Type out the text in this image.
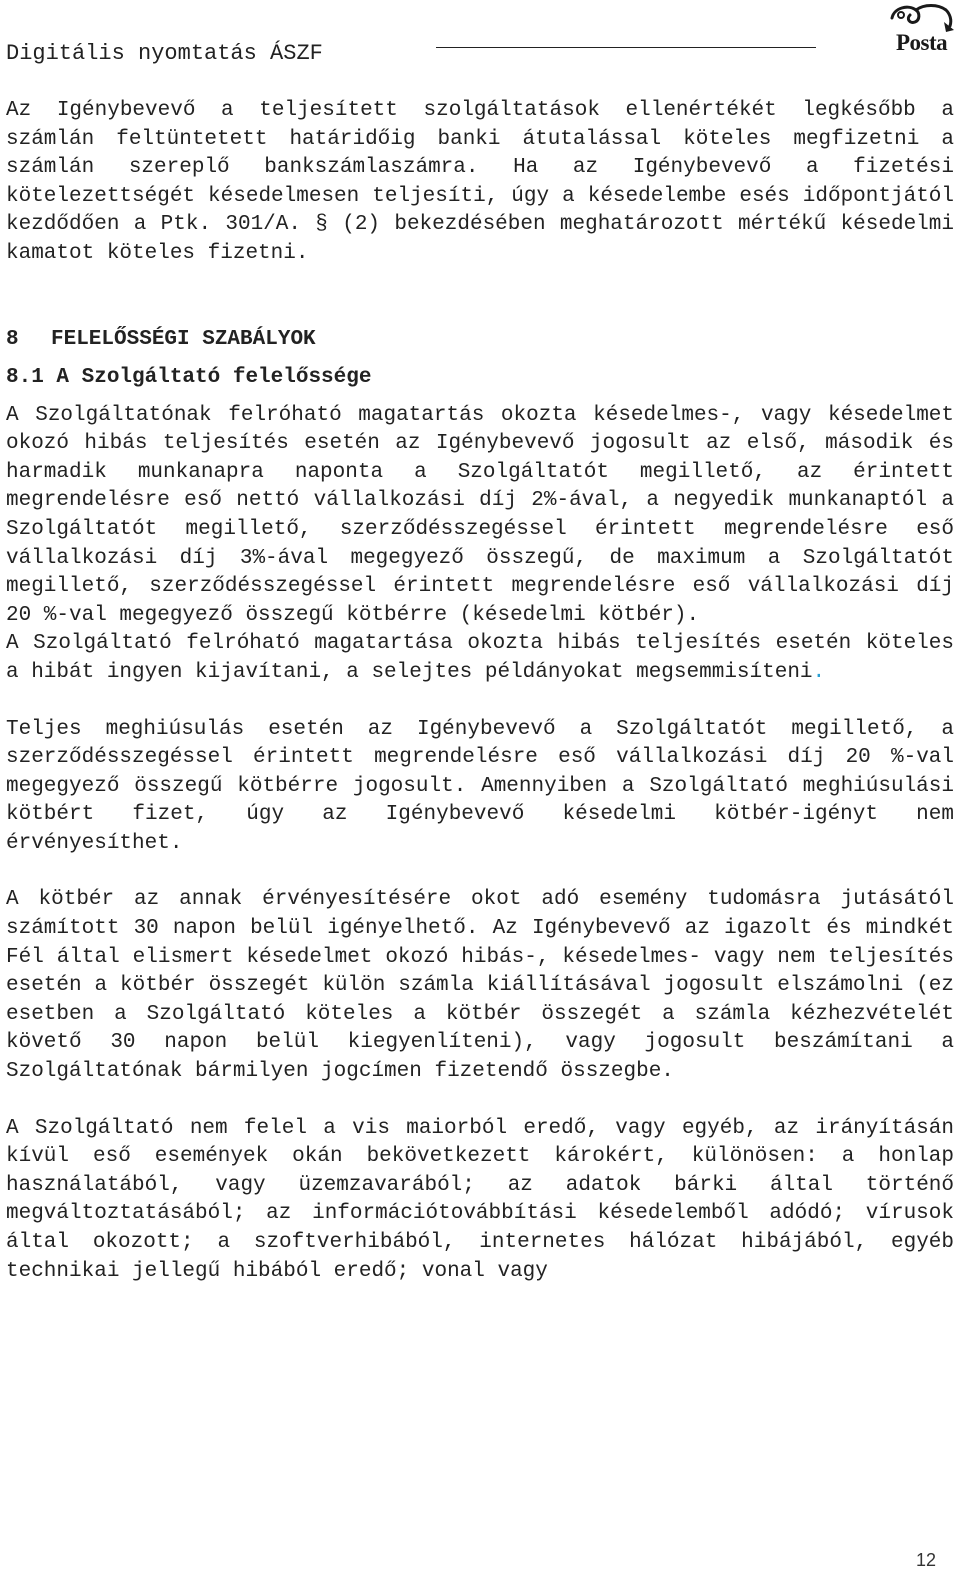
Digitális nyomtatás ÁSZF	Posta

Az Igénybevevő a teljesített szolgáltatások ellenértékét legkésőbb a számlán feltüntetett határidőig banki átutalással köteles megfizetni a számlán szereplő bankszámlaszámra. Ha az Igénybevevő a fizetési kötelezettségét késedelmesen teljesíti, úgy a késedelembe esés időpontjától kezdődően a Ptk. 301/A. § (2) bekezdésében meghatározott mértékű késedelmi kamatot köteles fizetni.

8 FELELŐSSÉGI SZABÁLYOK

8.1 A Szolgáltató felelőssége

A Szolgáltatónak felróható magatartás okozta késedelmes-, vagy késedelmet okozó hibás teljesítés esetén az Igénybevevő jogosult az első, második és harmadik munkanapra naponta a Szolgáltatót megillető, az érintett megrendelésre eső nettó vállalkozási díj 2%-ával, a negyedik munkanaptól a Szolgáltatót megillető, szerződésszegéssel érintett megrendelésre eső vállalkozási díj 3%-ával megegyező összegű, de maximum a Szolgáltatót megillető, szerződésszegéssel érintett megrendelésre eső vállalkozási díj 20 %-val megegyező összegű kötbérre (késedelmi kötbér).

A Szolgáltató felróható magatartása okozta hibás teljesítés esetén köteles a hibát ingyen kijavítani, a selejtes példányokat megsemmisíteni.

Teljes meghiúsulás esetén az Igénybevevő a Szolgáltatót megillető, a szerződésszegéssel érintett megrendelésre eső vállalkozási díj 20 %-val megegyező összegű kötbérre jogosult. Amennyiben a Szolgáltató meghiúsulási kötbért fizet, úgy az Igénybevevő késedelmi kötbér-igényt nem érvényesíthet.

A kötbér az annak érvényesítésére okot adó esemény tudomásra jutásától számított 30 napon belül igényelhető. Az Igénybevevő az igazolt és mindkét Fél által elismert késedelmet okozó hibás-, késedelmes- vagy nem teljesítés esetén a kötbér összegét külön számla kiállításával jogosult elszámolni (ez esetben a Szolgáltató köteles a kötbér összegét a számla kézhezvételét követő 30 napon belül kiegyenlíteni), vagy jogosult beszámítani a Szolgáltatónak bármilyen jogcímen fizetendő összegbe.

A Szolgáltató nem felel a vis maiorból eredő, vagy egyéb, az irányításán kívül eső események okán bekövetkezett károkért, különösen: a honlap használatából, vagy üzemzavarából; az adatok bárki által történő megváltoztatásából; az információtovábbítási késedelemből adódó; vírusok által okozott; a szoftverhibából, internetes hálózat hibájából, egyéb technikai jellegű hibából eredő; vonal vagy

12
